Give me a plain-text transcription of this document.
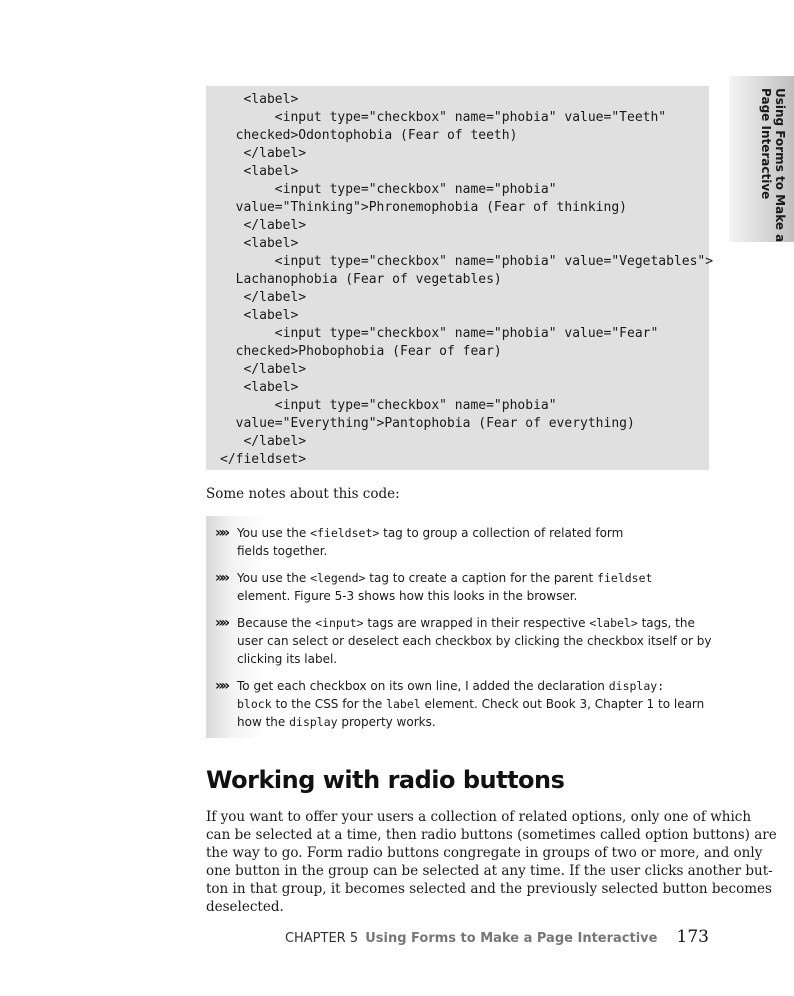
Using Forms to Make a
Page Interactive
<label>
<input type="checkbox" name="phobia" value="Teeth"
checked>Odontophobia (Fear of teeth)
</label>
<label>
<input type="checkbox" name="phobia"
value="Thinking">Phronemophobia (Fear of thinking)
</label>
<label>
<input type="checkbox" name="phobia" value="Vegetables">
Lachanophobia (Fear of vegetables)
</label>
<label>
<input type="checkbox" name="phobia" value="Fear"
checked>Phobophobia (Fear of fear)
</label>
<label>
<input type="checkbox" name="phobia"
value="Everything">Pantophobia (Fear of everything)
</label>
</fieldset>
Some notes about this code:
»» You use the <fieldset> tag to group a collection of related form
fields together.
»» You use the <legend> tag to create a caption for the parent fieldset
element. Figure 5-3 shows how this looks in the browser.
»» Because the <input> tags are wrapped in their respective <label> tags, the
user can select or deselect each checkbox by clicking the checkbox itself or by
clicking its label.
»» To get each checkbox on its own line, I added the declaration display:
block to the CSS for the label element. Check out Book 3, Chapter 1 to learn
how the display property works.
Working with radio buttons
If you want to offer your users a collection of related options, only one of which
can be selected at a time, then radio buttons (sometimes called option buttons) are
the way to go. Form radio buttons congregate in groups of two or more, and only
one button in the group can be selected at any time. If the user clicks another but-
ton in that group, it becomes selected and the previously selected button becomes
deselected.
CHAPTER 5 Using Forms to Make a Page Interactive 173
